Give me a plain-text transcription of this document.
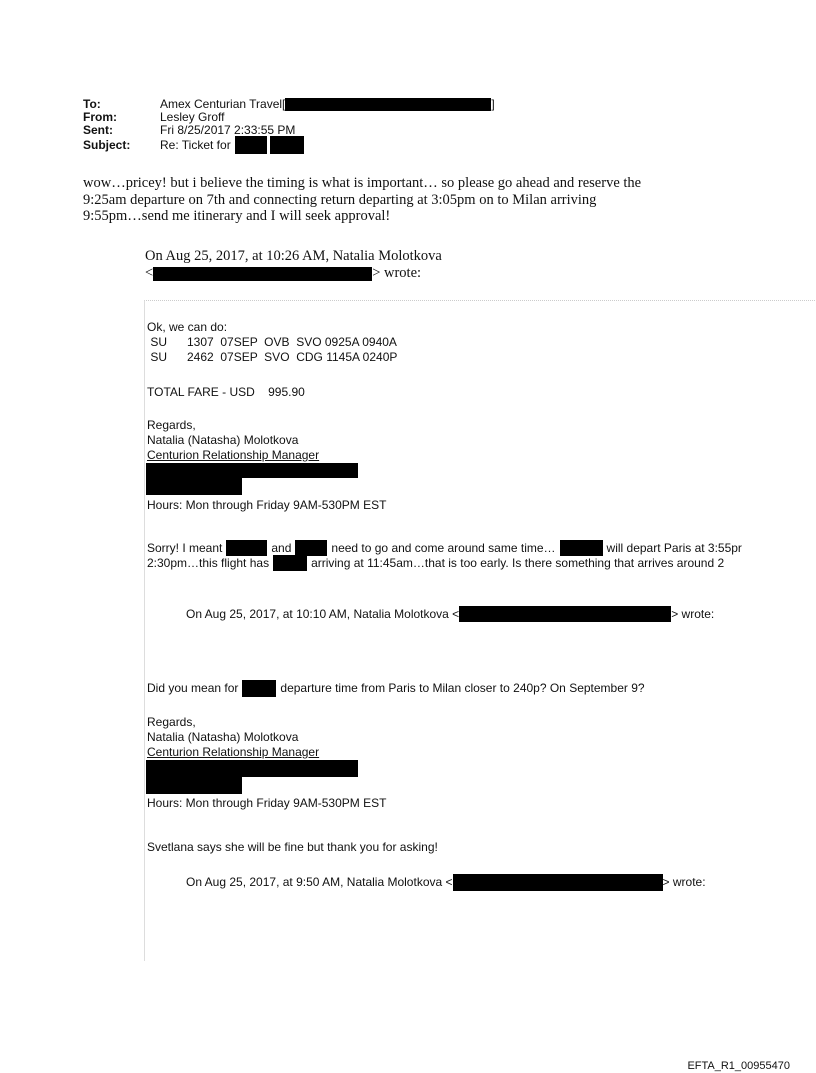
To:	Amex Centurian Travel[	]
From:	Lesley Groff
Sent:	Fri 8/25/2017 2:33:55 PM
Subject:	Re: Ticket for
wow…pricey! but i believe the timing is what is important… so please go ahead and reserve the
9:25am departure on 7th and connecting return departing at 3:05pm on to Milan arriving
9:55pm…send me itinerary and I will seek approval!
On Aug 25, 2017, at 10:26 AM, Natalia Molotkova
<	> wrote:
Ok, we can do:
SU      1307  07SEP  OVB  SVO 0925A 0940A
SU      2462  07SEP  SVO  CDG 1145A 0240P
TOTAL FARE - USD    995.90
Regards,
Natalia (Natasha) Molotkova
Centurion Relationship Manager
Hours: Mon through Friday 9AM-530PM EST
Sorry! I meant	and	need to go and come around same time…	will depart Paris at 3:55pr
2:30pm…this flight has	arriving at 11:45am…that is too early. Is there something that arrives around 2
On Aug 25, 2017, at 10:10 AM, Natalia Molotkova <	> wrote:
Did you mean for	departure time from Paris to Milan closer to 240p? On September 9?
Regards,
Natalia (Natasha) Molotkova
Centurion Relationship Manager
Hours: Mon through Friday 9AM-530PM EST
Svetlana says she will be fine but thank you for asking!
On Aug 25, 2017, at 9:50 AM, Natalia Molotkova <	> wrote:
EFTA_R1_00955470
